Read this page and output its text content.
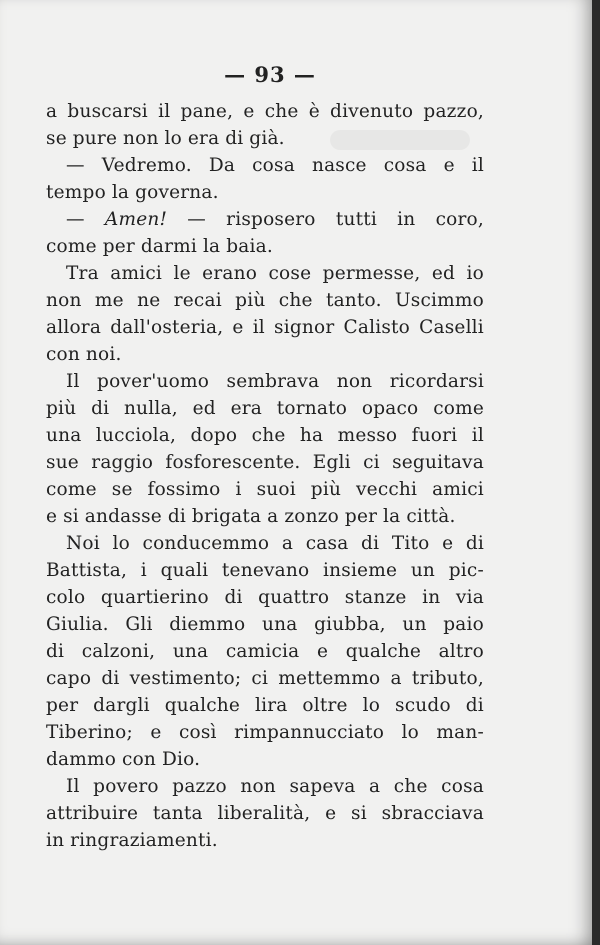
— 93 —
a buscarsi il pane, e che è divenuto pazzo,
se pure non lo era di già.
— Vedremo. Da cosa nasce cosa e il
tempo la governa.
— Amen! — risposero tutti in coro,
come per darmi la baia.
Tra amici le erano cose permesse, ed io
non me ne recai più che tanto. Uscimmo
allora dall'osteria, e il signor Calisto Caselli
con noi.
Il pover'uomo sembrava non ricordarsi
più di nulla, ed era tornato opaco come
una lucciola, dopo che ha messo fuori il
sue raggio fosforescente. Egli ci seguitava
come se fossimo i suoi più vecchi amici
e si andasse di brigata a zonzo per la città.
Noi lo conducemmo a casa di Tito e di
Battista, i quali tenevano insieme un pic-
colo quartierino di quattro stanze in via
Giulia. Gli diemmo una giubba, un paio
di calzoni, una camicia e qualche altro
capo di vestimento; ci mettemmo a tributo,
per dargli qualche lira oltre lo scudo di
Tiberino; e così rimpannucciato lo man-
dammo con Dio.
Il povero pazzo non sapeva a che cosa
attribuire tanta liberalità, e si sbracciava
in ringraziamenti.
